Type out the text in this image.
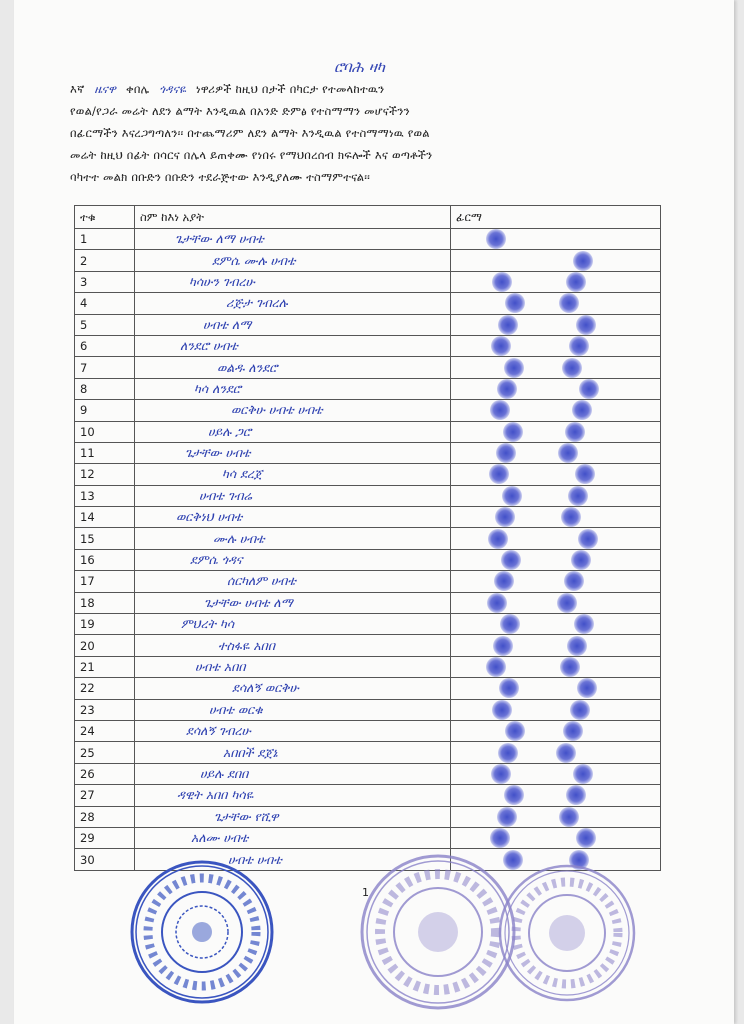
ሮባሕ ዛካ
እኛ ዜናዋ ቀበሌ ጎዳናዬ ነዋሪዎች ከዚህ በታች በካርታ የተመላከተዉን
የወል/የጋራ መሬት ለደን ልማት እንዲዉል በአንድ ድምፅ የተስማማን መሆናችንን
በፊርማችን እናረጋግጣለን፡፡ በተጨማሪም ለደን ልማት እንዲዉል የተስማማነዉ የወል
መሬት ከዚህ በፊት በሳርና በሌላ ይጠቀሙ የነበሩ የማህበረሰብ ክፍሎች እና ወጣቶችን
ባካተተ መልክ በቡድን በቡድን ተደራጅተው እንዲያለሙ ተስማምተናል፡፡
ተቁ	ስም ከእነ አያት	ፊርማ
1	ጌታቸው ለማ ሀብቴ	

2	ደምሴ ሙሉ ሀብቴ	

3	ካሳሁን ገብረሁ	

4	ሪጅታ ገብረሉ	

5	ሀብቴ ለማ	

6	ለንደሮ ሀብቴ	

7	ወልዱ ለንደሮ	

8	ካሳ ለንደሮ	

9	ወርቅሁ ሀብቴ ሀብቴ	

10	ሀይሉ ጋሮ	

11	ጌታቸው ሀብቴ	

12	ካሳ ደረጀ	

13	ሀብቴ ገብሬ	

14	ወርቅነህ ሀብቴ	

15	ሙሉ ሀብቴ	

16	ደምሴ ጎዳና	

17	ሰርካለም ሀብቴ	

18	ጌታቸው ሀብቴ ለማ	

19	ምህረት ካሳ	

20	ተስፋዬ አበበ	

21	ሀብቴ አበበ	

22	ደሳለኝ ወርቅሁ	

23	ሀብቴ ወርቁ	

24	ደሳለኝ ገብረሁ	

25	አበበች ደጀኔ	

26	ሀይሉ ደበበ	

27	ዳዊት አበበ ካሳዬ	

28	ጌታቸው የሺዋ	

29	አለሙ ሀብቴ	

30	ሀብቴ ሀብቴ	
1
